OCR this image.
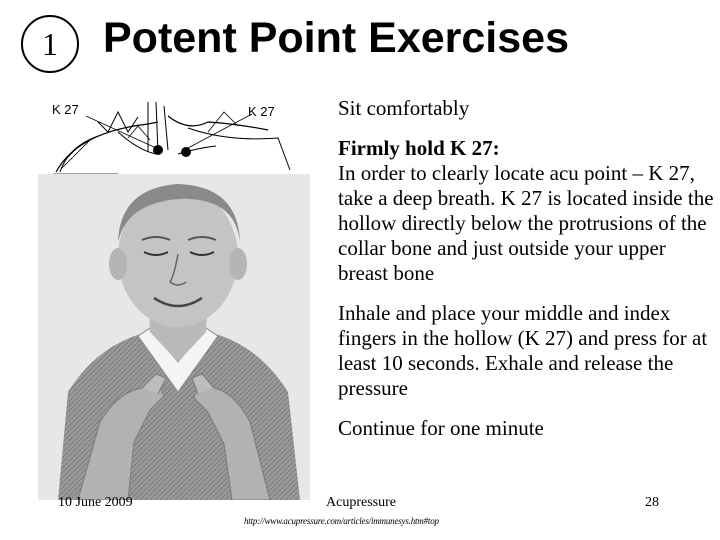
1 Potent Point Exercises
K 27	K 27	Sit comfortably

Firmly hold K 27:
In order to clearly locate acu point – K 27, take a deep breath. K 27 is located inside the hollow directly below the protrusions of the collar bone and just outside your upper breast bone

Inhale and place your middle and index fingers in the hollow (K 27) and press for at least 10 seconds. Exhale and release the pressure

Continue for one minute

10 June 2009	Acupressure	28
http://www.acupressure.com/articles/immunesys.htm#top
